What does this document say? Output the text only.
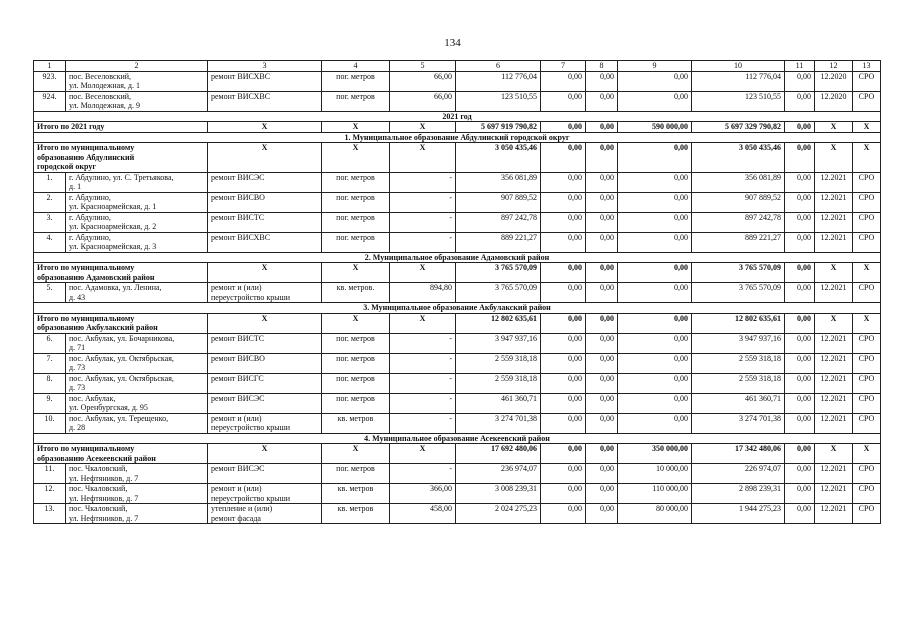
134
1	2	3	4	5	6	7	8	9	10	11	12	13
923.	пос. Веселовский,
ул. Молодежная, д. 1	ремонт ВИСХВС	пог. метров	66,00	112 776,04	0,00	0,00	0,00	112 776,04	0,00	12.2020	СРО
924.	пос. Веселовский,
ул. Молодежная, д. 9	ремонт ВИСХВС	пог. метров	66,00	123 510,55	0,00	0,00	0,00	123 510,55	0,00	12.2020	СРО
2021 год												
Итого по 2021 году		X	X	X	5 697 919 790,82	0,00	0,00	590 000,00	5 697 329 790,82	0,00	X	X
1. Муниципальное образование Абдулинский городской округ												
Итого по муниципальному
образованию Абдулинский
городской округ		X	X	X	3 050 435,46	0,00	0,00	0,00	3 050 435,46	0,00	X	X
1.	г. Абдулино, ул. С. Третьякова,
д. 1	ремонт ВИСЭС	пог. метров	-	356 081,89	0,00	0,00	0,00	356 081,89	0,00	12.2021	СРО
2.	г. Абдулино,
ул. Красноармейская, д. 1	ремонт ВИСВО	пог. метров	-	907 889,52	0,00	0,00	0,00	907 889,52	0,00	12.2021	СРО
3.	г. Абдулино,
ул. Красноармейская, д. 2	ремонт ВИСТС	пог. метров	-	897 242,78	0,00	0,00	0,00	897 242,78	0,00	12.2021	СРО
4.	г. Абдулино,
ул. Красноармейская, д. 3	ремонт ВИСХВС	пог. метров	-	889 221,27	0,00	0,00	0,00	889 221,27	0,00	12.2021	СРО
2. Муниципальное образование Адамовский район												
Итого по муниципальному
образованию Адамовский район		X	X	X	3 765 570,09	0,00	0,00	0,00	3 765 570,09	0,00	X	X
5.	пос. Адамовка, ул. Ленина,
д. 43	ремонт и (или)
переустройство крыши	кв. метров.	894,80	3 765 570,09	0,00	0,00	0,00	3 765 570,09	0,00	12.2021	СРО
3. Муниципальное образование Акбулакский район												
Итого по муниципальному
образованию Акбулакский район		X	X	X	12 802 635,61	0,00	0,00	0,00	12 802 635,61	0,00	X	X
6.	пос. Акбулак, ул. Бочарникова,
д. 71	ремонт ВИСТС	пог. метров	-	3 947 937,16	0,00	0,00	0,00	3 947 937,16	0,00	12.2021	СРО
7.	пос. Акбулак, ул. Октябрьская,
д. 73	ремонт ВИСВО	пог. метров	-	2 559 318,18	0,00	0,00	0,00	2 559 318,18	0,00	12.2021	СРО
8.	пос. Акбулак, ул. Октябрьская,
д. 73	ремонт ВИСГС	пог. метров	-	2 559 318,18	0,00	0,00	0,00	2 559 318,18	0,00	12.2021	СРО
9.	пос. Акбулак,
ул. Оренбургская, д. 95	ремонт ВИСЭС	пог. метров	-	461 360,71	0,00	0,00	0,00	461 360,71	0,00	12.2021	СРО
10.	пос. Акбулак, ул. Терещенко,
д. 28	ремонт и (или)
переустройство крыши	кв. метров	-	3 274 701,38	0,00	0,00	0,00	3 274 701,38	0,00	12.2021	СРО
4. Муниципальное образование Асекеевский район												
Итого по муниципальному
образованию Асекеевский район		X	X	X	17 692 480,06	0,00	0,00	350 000,00	17 342 480,06	0,00	X	X
11.	пос. Чкаловский,
ул. Нефтяников, д. 7	ремонт ВИСЭС	пог. метров	-	236 974,07	0,00	0,00	10 000,00	226 974,07	0,00	12.2021	СРО
12.	пос. Чкаловский,
ул. Нефтяников, д. 7	ремонт и (или)
переустройство крыши	кв. метров	366,00	3 008 239,31	0,00	0,00	110 000,00	2 898 239,31	0,00	12.2021	СРО
13.	пос. Чкаловский,
ул. Нефтяников, д. 7	утепление и (или)
ремонт фасада	кв. метров	458,00	2 024 275,23	0,00	0,00	80 000,00	1 944 275,23	0,00	12.2021	СРО
